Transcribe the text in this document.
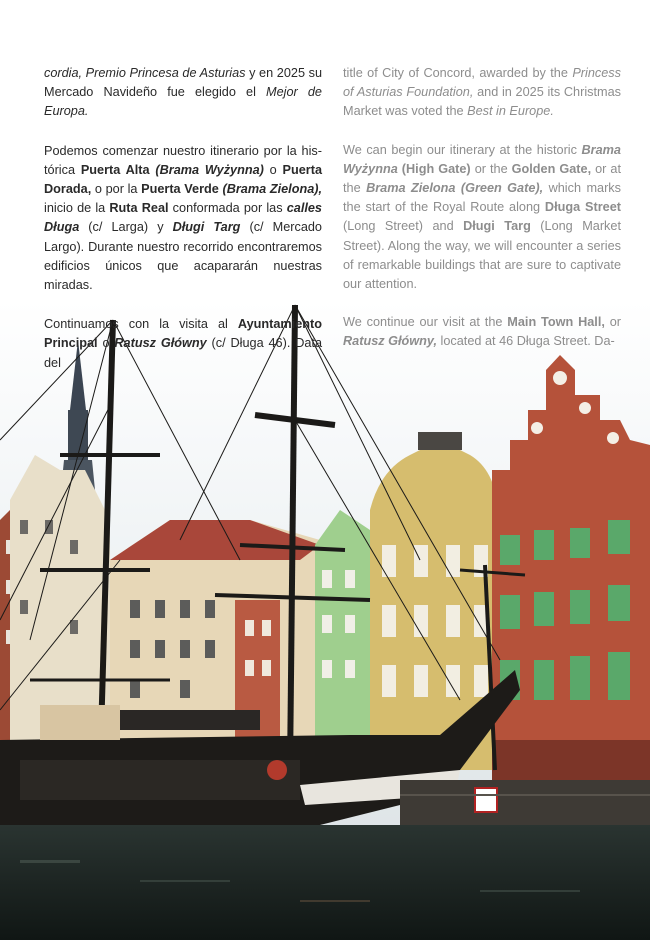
cordia, Premio Princesa de Asturias y en 2025 su Mercado Navideño fue elegido el Mejor de Europa.

Podemos comenzar nuestro itinerario por la histórica Puerta Alta (Brama Wyżynna) o Puerta Dorada, o por la Puerta Verde (Brama Zielona), inicio de la Ruta Real conformada por las calles Długa (c/ Larga) y Długi Targ (c/ Mercado Largo). Durante nuestro recorrido encontraremos edificios únicos que acapararán nuestras miradas.

Continuamos con la visita al Ayuntamiento Principal o Ratusz Główny (c/ Długa 46). Data del

title of City of Concord, awarded by the Princess of Asturias Foundation, and in 2025 its Christmas Market was voted the Best in Europe.

We can begin our itinerary at the historic Brama Wyżynna (High Gate) or the Golden Gate, or at the Brama Zielona (Green Gate), which marks the start of the Royal Route along Długa Street (Long Street) and Długi Targ (Long Market Street). Along the way, we will encounter a series of remarkable buildings that are sure to captivate our attention.

We continue our visit at the Main Town Hall, or Ratusz Główny, located at 46 Długa Street. Da-
